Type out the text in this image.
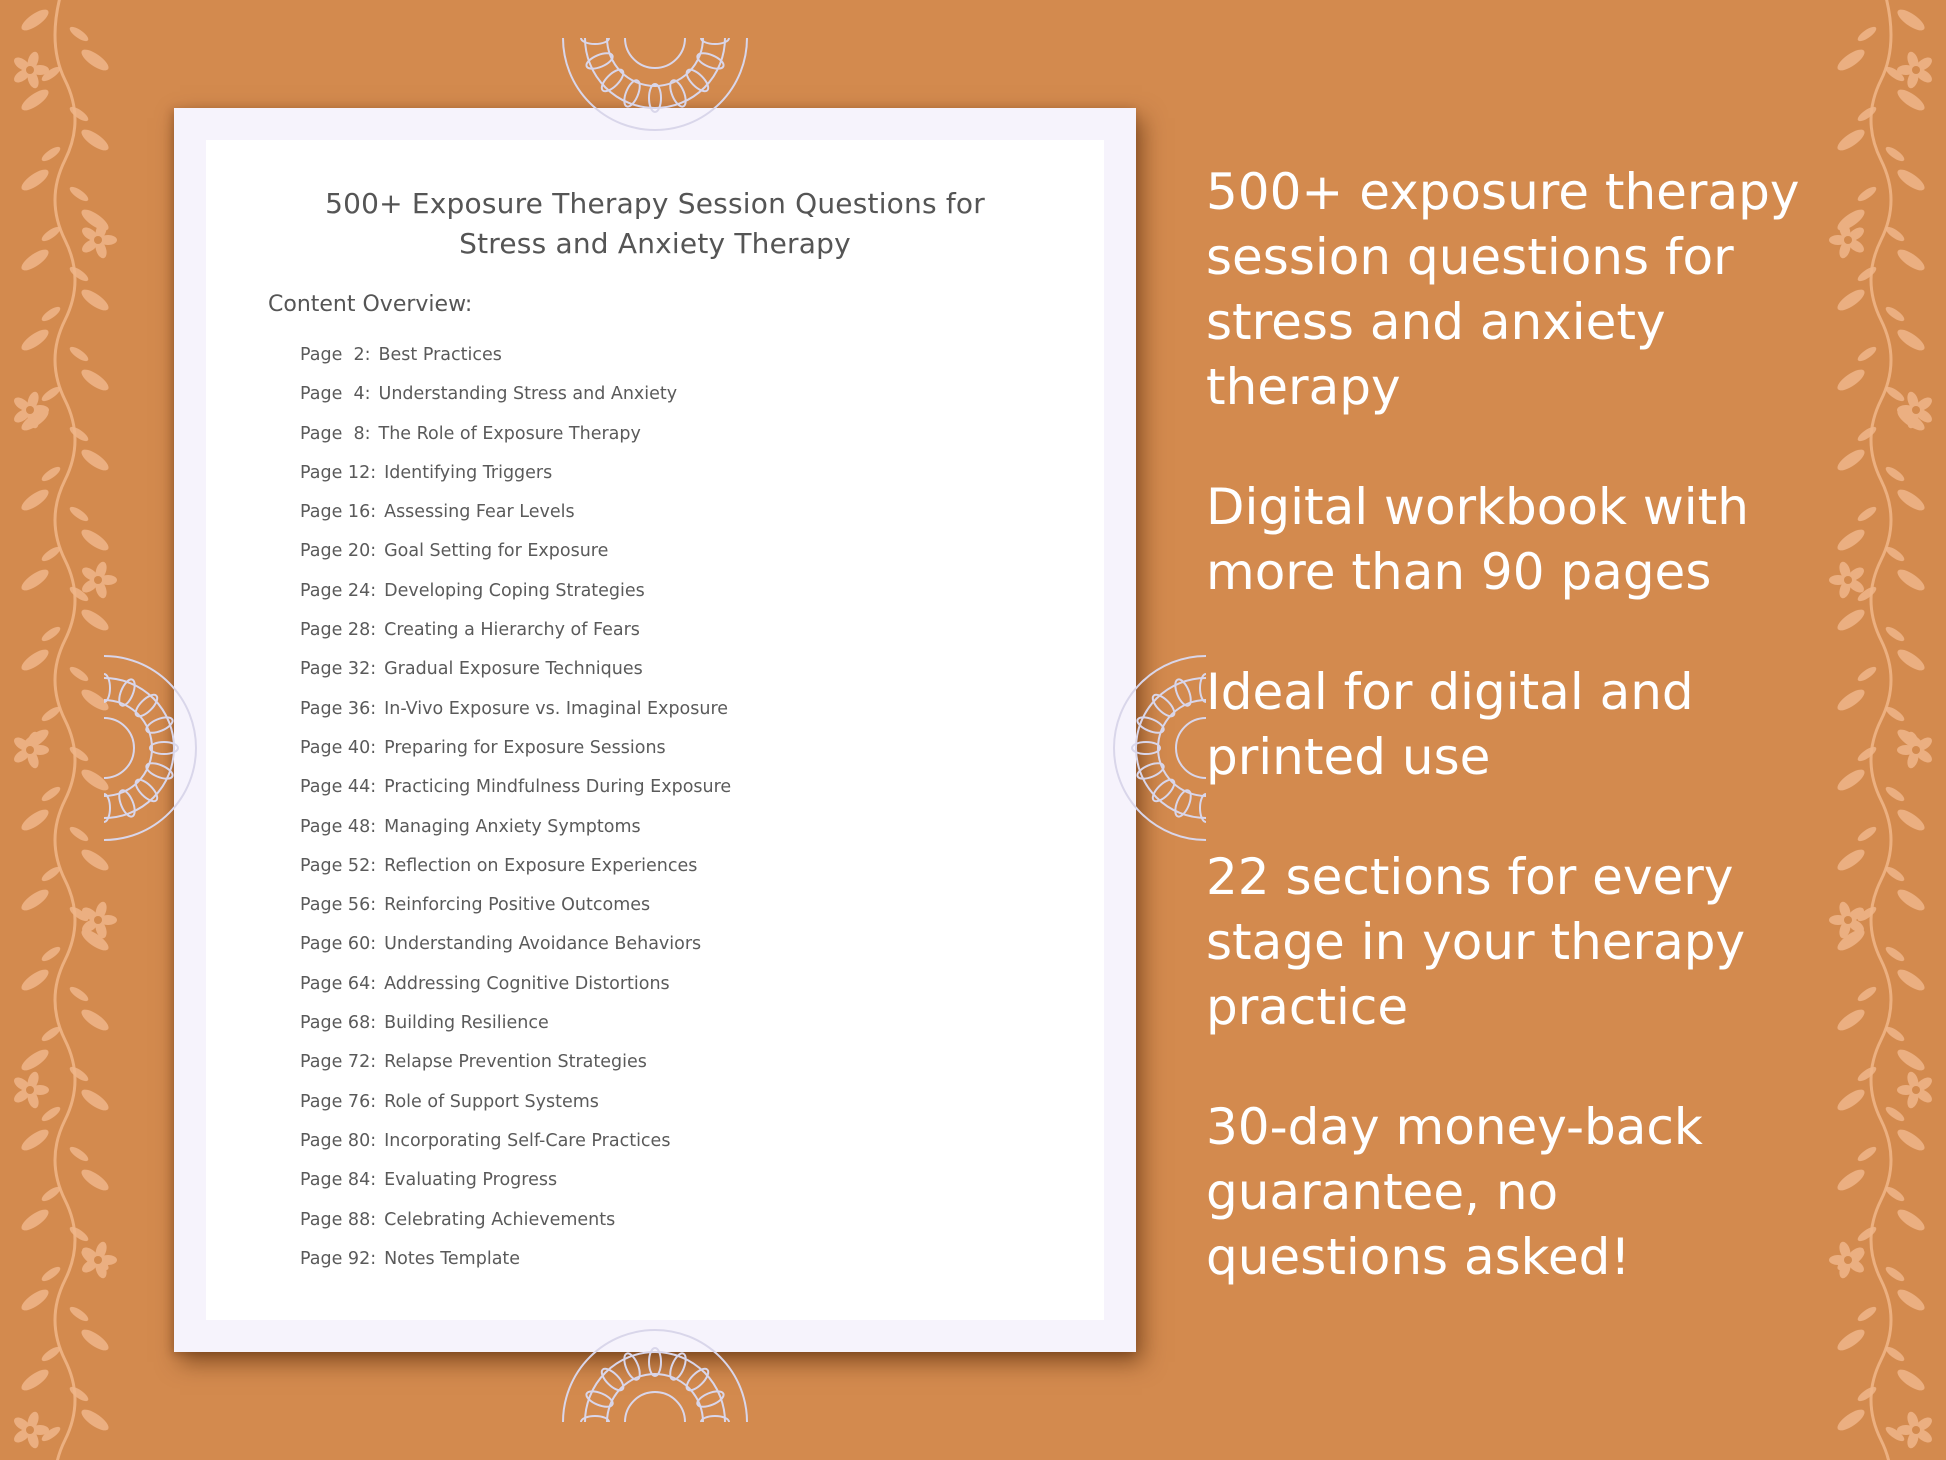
500+ Exposure Therapy Session Questions for
Stress and Anxiety Therapy
Content Overview:
Page  2: Best Practices
Page  4: Understanding Stress and Anxiety
Page  8: The Role of Exposure Therapy
Page 12: Identifying Triggers
Page 16: Assessing Fear Levels
Page 20: Goal Setting for Exposure
Page 24: Developing Coping Strategies
Page 28: Creating a Hierarchy of Fears
Page 32: Gradual Exposure Techniques
Page 36: In-Vivo Exposure vs. Imaginal Exposure
Page 40: Preparing for Exposure Sessions
Page 44: Practicing Mindfulness During Exposure
Page 48: Managing Anxiety Symptoms
Page 52: Reflection on Exposure Experiences
Page 56: Reinforcing Positive Outcomes
Page 60: Understanding Avoidance Behaviors
Page 64: Addressing Cognitive Distortions
Page 68: Building Resilience
Page 72: Relapse Prevention Strategies
Page 76: Role of Support Systems
Page 80: Incorporating Self-Care Practices
Page 84: Evaluating Progress
Page 88: Celebrating Achievements
Page 92: Notes Template
500+ exposure therapy
session questions for
stress and anxiety
therapy
Digital workbook with
more than 90 pages
Ideal for digital and
printed use
22 sections for every
stage in your therapy
practice
30-day money-back
guarantee, no
questions asked!
